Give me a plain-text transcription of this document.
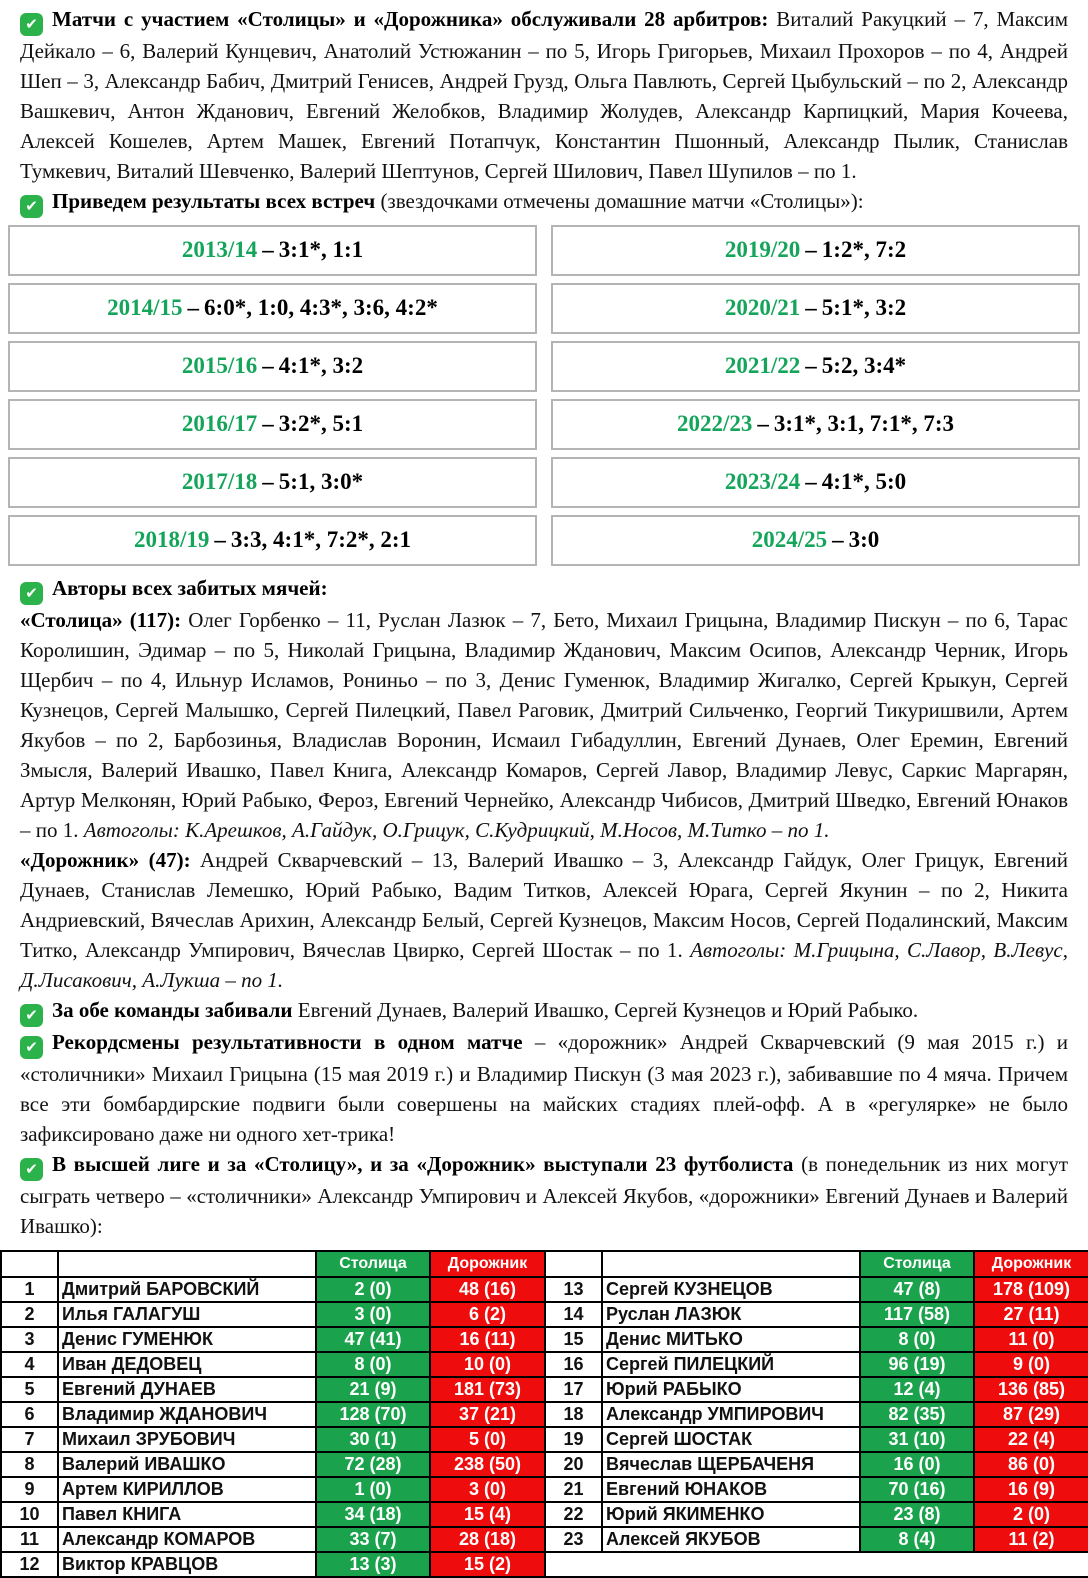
✔Матчи с участием «Столицы» и «Дорожника» обслуживали 28 арбитров: Виталий Ракуцкий – 7, Максим Дейкало – 6, Валерий Кунцевич, Анатолий Устюжанин – по 5, Игорь Григорьев, Михаил Прохоров – по 4, Андрей Шеп – 3, Александр Бабич, Дмитрий Генисев, Андрей Грузд, Ольга Павлють, Сергей Цыбульский – по 2, Александр Вашкевич, Антон Жданович, Евгений Желобков, Владимир Жолудев, Александр Карпицкий, Мария Кочеева, Алексей Кошелев, Артем Машек, Евгений Потапчук, Константин Пшонный, Александр Пылик, Станислав Тумкевич, Виталий Шевченко, Валерий Шептунов, Сергей Шилович, Павел Шупилов – по 1.

✔Приведем результаты всех встреч (звездочками отмечены домашние матчи «Столицы»):

2013/14 – 3:1*, 1:1
2014/15 – 6:0*, 1:0, 4:3*, 3:6, 4:2*
2015/16 – 4:1*, 3:2
2016/17 – 3:2*, 5:1
2017/18 – 5:1, 3:0*
2018/19 – 3:3, 4:1*, 7:2*, 2:1
2019/20 – 1:2*, 7:2
2020/21 – 5:1*, 3:2
2021/22 – 5:2, 3:4*
2022/23 – 3:1*, 3:1, 7:1*, 7:3
2023/24 – 4:1*, 5:0
2024/25 – 3:0

✔Авторы всех забитых мячей:

«Столица» (117): Олег Горбенко – 11, Руслан Лазюк – 7, Бето, Михаил Грицына, Владимир Пискун – по 6, Тарас Королишин, Эдимар – по 5, Николай Грицына, Владимир Жданович, Максим Осипов, Александр Черник, Игорь Щербич – по 4, Ильнур Исламов, Рониньо – по 3, Денис Гуменюк, Владимир Жигалко, Сергей Крыкун, Сергей Кузнецов, Сергей Малышко, Сергей Пилецкий, Павел Раговик, Дмитрий Сильченко, Георгий Тикуришвили, Артем Якубов – по 2, Барбозинья, Владислав Воронин, Исмаил Гибадуллин, Евгений Дунаев, Олег Еремин, Евгений Змысля, Валерий Ивашко, Павел Книга, Александр Комаров, Сергей Лавор, Владимир Левус, Саркис Маргарян, Артур Мелконян, Юрий Рабыко, Фероз, Евгений Чернейко, Александр Чибисов, Дмитрий Шведко, Евгений Юнаков – по 1. Автоголы: К.Арешков, А.Гайдук, О.Грицук, С.Кудрицкий, М.Носов, М.Титко – по 1.

«Дорожник» (47): Андрей Скварчевский – 13, Валерий Ивашко – 3, Александр Гайдук, Олег Грицук, Евгений Дунаев, Станислав Лемешко, Юрий Рабыко, Вадим Титков, Алексей Юрага, Сергей Якунин – по 2, Никита Андриевский, Вячеслав Арихин, Александр Белый, Сергей Кузнецов, Максим Носов, Сергей Подалинский, Максим Титко, Александр Умпирович, Вячеслав Цвирко, Сергей Шостак – по 1. Автоголы: М.Грицына, С.Лавор, В.Левус, Д.Лисакович, А.Лукша – по 1.

✔За обе команды забивали Евгений Дунаев, Валерий Ивашко, Сергей Кузнецов и Юрий Рабыко.

✔Рекордсмены результативности в одном матче – «дорожник» Андрей Скварчевский (9 мая 2015 г.) и «столичники» Михаил Грицына (15 мая 2019 г.) и Владимир Пискун (3 мая 2023 г.), забивавшие по 4 мяча. Причем все эти бомбардирские подвиги были совершены на майских стадиях плей-офф. А в «регулярке» не было зафиксировано даже ни одного хет-трика!

✔В высшей лиге и за «Столицу», и за «Дорожник» выступали 23 футболиста (в понедельник из них могут сыграть четверо – «столичники» Александр Умпирович и Алексей Якубов, «дорожники» Евгений Дунаев и Валерий Ивашко):

		Столица	Дорожник			Столица	Дорожник
1	Дмитрий БАРОВСКИЙ	2 (0)	48 (16)	13	Сергей КУЗНЕЦОВ	47 (8)	178 (109)
2	Илья ГАЛАГУШ	3 (0)	6 (2)	14	Руслан ЛАЗЮК	117 (58)	27 (11)
3	Денис ГУМЕНЮК	47 (41)	16 (11)	15	Денис МИТЬКО	8 (0)	11 (0)
4	Иван ДЕДОВЕЦ	8 (0)	10 (0)	16	Сергей ПИЛЕЦКИЙ	96 (19)	9 (0)
5	Евгений ДУНАЕВ	21 (9)	181 (73)	17	Юрий РАБЫКО	12 (4)	136 (85)
6	Владимир ЖДАНОВИЧ	128 (70)	37 (21)	18	Александр УМПИРОВИЧ	82 (35)	87 (29)
7	Михаил ЗРУБОВИЧ	30 (1)	5 (0)	19	Сергей ШОСТАК	31 (10)	22 (4)
8	Валерий ИВАШКО	72 (28)	238 (50)	20	Вячеслав ЩЕРБАЧЕНЯ	16 (0)	86 (0)
9	Артем КИРИЛЛОВ	1 (0)	3 (0)	21	Евгений ЮНАКОВ	70 (16)	16 (9)
10	Павел КНИГА	34 (18)	15 (4)	22	Юрий ЯКИМЕНКО	23 (8)	2 (0)
11	Александр КОМАРОВ	33 (7)	28 (18)	23	Алексей ЯКУБОВ	8 (4)	11 (2)
12	Виктор КРАВЦОВ	13 (3)	15 (2)				
